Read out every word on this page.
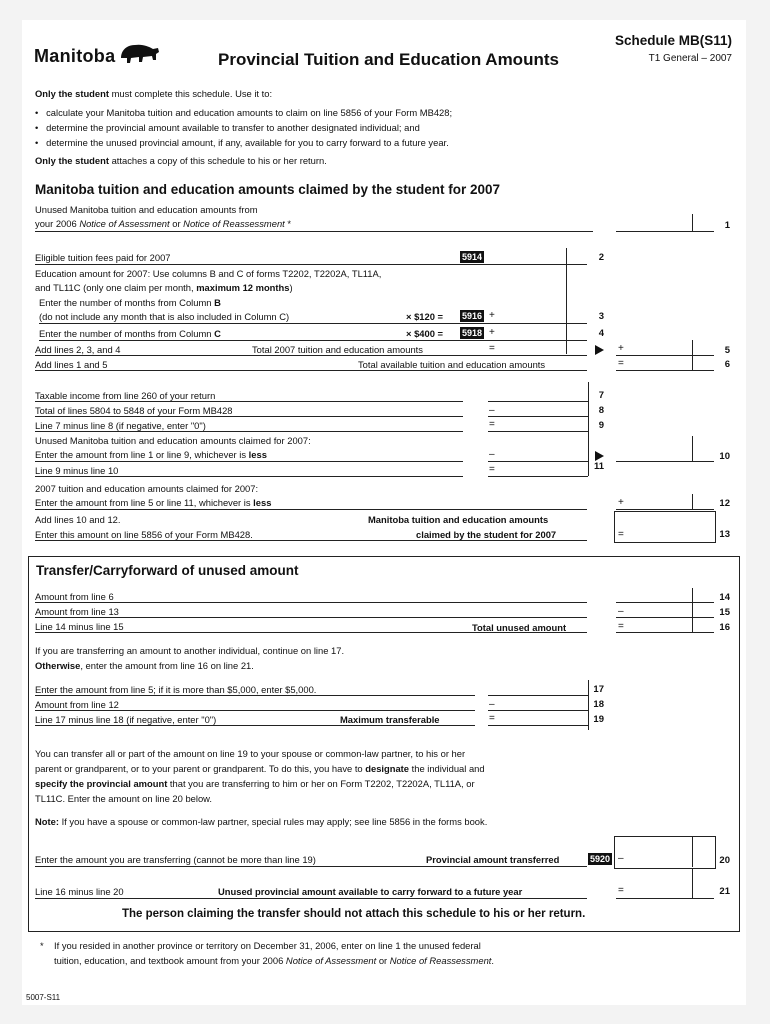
Manitoba	Provincial Tuition and Education Amounts
Schedule MB(S11)
T1 General – 2007
Only the student must complete this schedule. Use it to:
•   calculate your Manitoba tuition and education amounts to claim on line 5856 of your Form MB428;
•   determine the provincial amount available to transfer to another designated individual; and
•   determine the unused provincial amount, if any, available for you to carry forward to a future year.
Only the student attaches a copy of this schedule to his or her return.
Manitoba tuition and education amounts claimed by the student for 2007
Unused Manitoba tuition and education amounts from
your 2006 Notice of Assessment or Notice of Reassessment *	1
Eligible tuition fees paid for 2007	5914	2
Education amount for 2007: Use columns B and C of forms T2202, T2202A, TL11A,
and TL11C (only one claim per month, maximum 12 months)
Enter the number of months from Column B
(do not include any month that is also included in Column C)	× $120 = 5916 +	3
Enter the number of months from Column C	× $400 = 5918 +	4
Add lines 2, 3, and 4	Total 2007 tuition and education amounts	=	+	5
Add lines 1 and 5	Total available tuition and education amounts	=	6
Taxable income from line 260 of your return	7
Total of lines 5804 to 5848 of your Form MB428	–	8
Line 7 minus line 8 (if negative, enter "0")	=	9
Unused Manitoba tuition and education amounts claimed for 2007:
Enter the amount from line 1 or line 9, whichever is less	–	10
Line 9 minus line 10	=	11
2007 tuition and education amounts claimed for 2007:
Enter the amount from line 5 or line 11, whichever is less	+	12
Add lines 10 and 12.
Enter this amount on line 5856 of your Form MB428.
Manitoba tuition and education amounts
claimed by the student for 2007	=	13
Transfer/Carryforward of unused amount
Amount from line 6	14
Amount from line 13	–	15
Line 14 minus line 15	Total unused amount	=	16
If you are transferring an amount to another individual, continue on line 17.
Otherwise, enter the amount from line 16 on line 21.
Enter the amount from line 5; if it is more than $5,000, enter $5,000.	17
Amount from line 12	–	18
Line 17 minus line 18 (if negative, enter "0")	Maximum transferable	=	19
You can transfer all or part of the amount on line 19 to your spouse or common-law partner, to his or her
parent or grandparent, or to your parent or grandparent. To do this, you have to designate the individual and
specify the provincial amount that you are transferring to him or her on Form T2202, T2202A, TL11A, or
TL11C. Enter the amount on line 20 below.
Note: If you have a spouse or common-law partner, special rules may apply; see line 5856 in the forms book.
Enter the amount you are transferring (cannot be more than line 19)	Provincial amount transferred	5920 –	20
Line 16 minus line 20	Unused provincial amount available to carry forward to a future year	=	21
The person claiming the transfer should not attach this schedule to his or her return.
* If you resided in another province or territory on December 31, 2006, enter on line 1 the unused federal
tuition, education, and textbook amount from your 2006 Notice of Assessment or Notice of Reassessment.
5007-S11
